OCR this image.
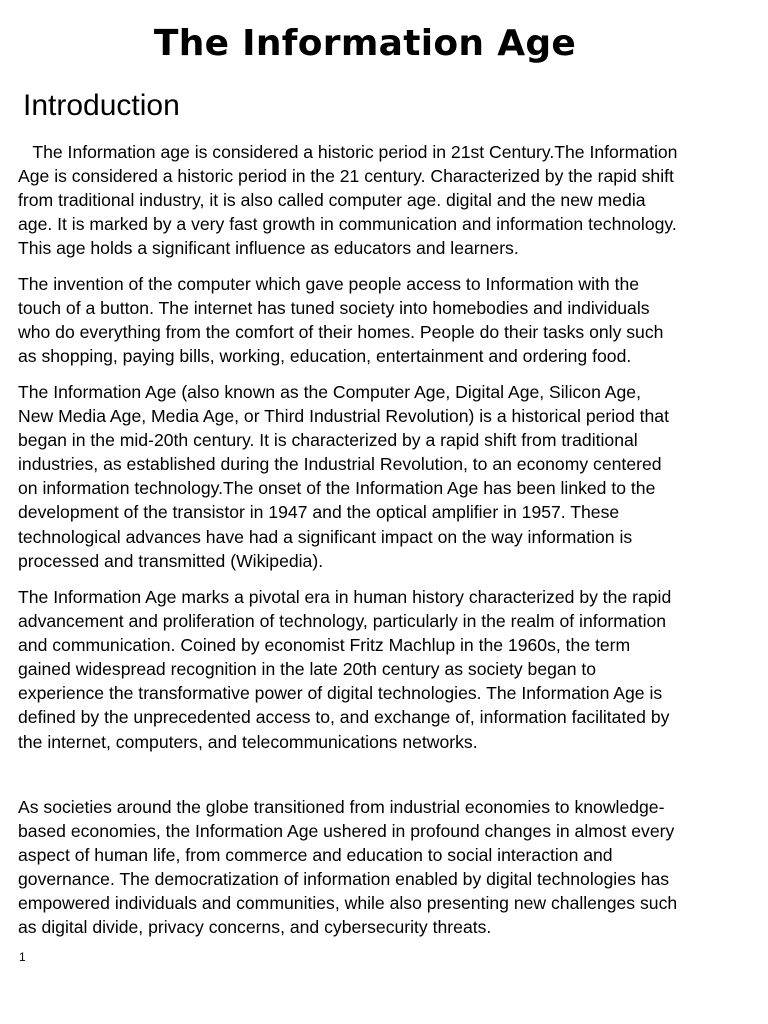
The Information Age
Introduction

The Information age is considered a historic period in 21st Century.The Information
Age is considered a historic period in the 21 century. Characterized by the rapid shift
from traditional industry, it is also called computer age. digital and the new media
age. It is marked by a very fast growth in communication and information technology.
This age holds a significant influence as educators and learners.

The invention of the computer which gave people access to Information with the
touch of a button. The internet has tuned society into homebodies and individuals
who do everything from the comfort of their homes. People do their tasks only such
as shopping, paying bills, working, education, entertainment and ordering food.

The Information Age (also known as the Computer Age, Digital Age, Silicon Age,
New Media Age, Media Age, or Third Industrial Revolution) is a historical period that
began in the mid-20th century. It is characterized by a rapid shift from traditional
industries, as established during the Industrial Revolution, to an economy centered
on information technology.The onset of the Information Age has been linked to the
development of the transistor in 1947 and the optical amplifier in 1957. These
technological advances have had a significant impact on the way information is
processed and transmitted (Wikipedia).

The Information Age marks a pivotal era in human history characterized by the rapid
advancement and proliferation of technology, particularly in the realm of information
and communication. Coined by economist Fritz Machlup in the 1960s, the term
gained widespread recognition in the late 20th century as society began to
experience the transformative power of digital technologies. The Information Age is
defined by the unprecedented access to, and exchange of, information facilitated by
the internet, computers, and telecommunications networks.

As societies around the globe transitioned from industrial economies to knowledge-
based economies, the Information Age ushered in profound changes in almost every
aspect of human life, from commerce and education to social interaction and
governance. The democratization of information enabled by digital technologies has
empowered individuals and communities, while also presenting new challenges such
as digital divide, privacy concerns, and cybersecurity threats.

1
